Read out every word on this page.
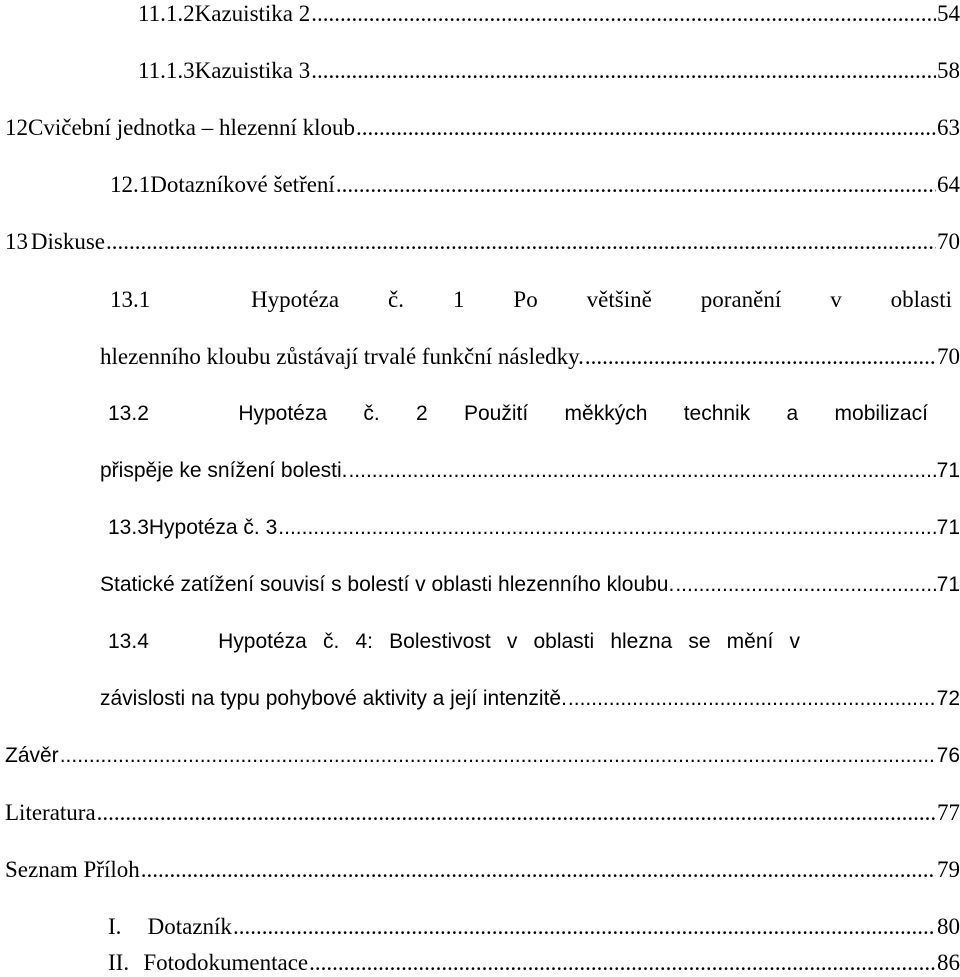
11.1.2 Kazuistika 2 .....	54
11.1.3 Kazuistika 3 .....	58
12 Cvičební jednotka – hlezenní kloub .....	63
12.1 Dotazníkové šetření .....	64
13 Diskuse .....	70
13.1	Hypotéza č. 1 Po většině poranění v oblasti
hlezenního kloubu zůstávají trvalé funkční následky. .....	70
13.2	Hypotéza č. 2 Použití měkkých technik a mobilizací
přispěje ke snížení bolesti. .....	71
13.3 Hypotéza č. 3 .....	71
Statické zatížení souvisí s bolestí v oblasti hlezenního kloubu. .....	71
13.4	Hypotéza č. 4: Bolestivost v oblasti hlezna se mění v
závislosti na typu pohybové aktivity a její intenzitě. .....	72
Závěr .....	76
Literatura .....	77
Seznam Příloh .....	79
I.	Dotazník .....	80
II. Fotodokumentace .....	86
